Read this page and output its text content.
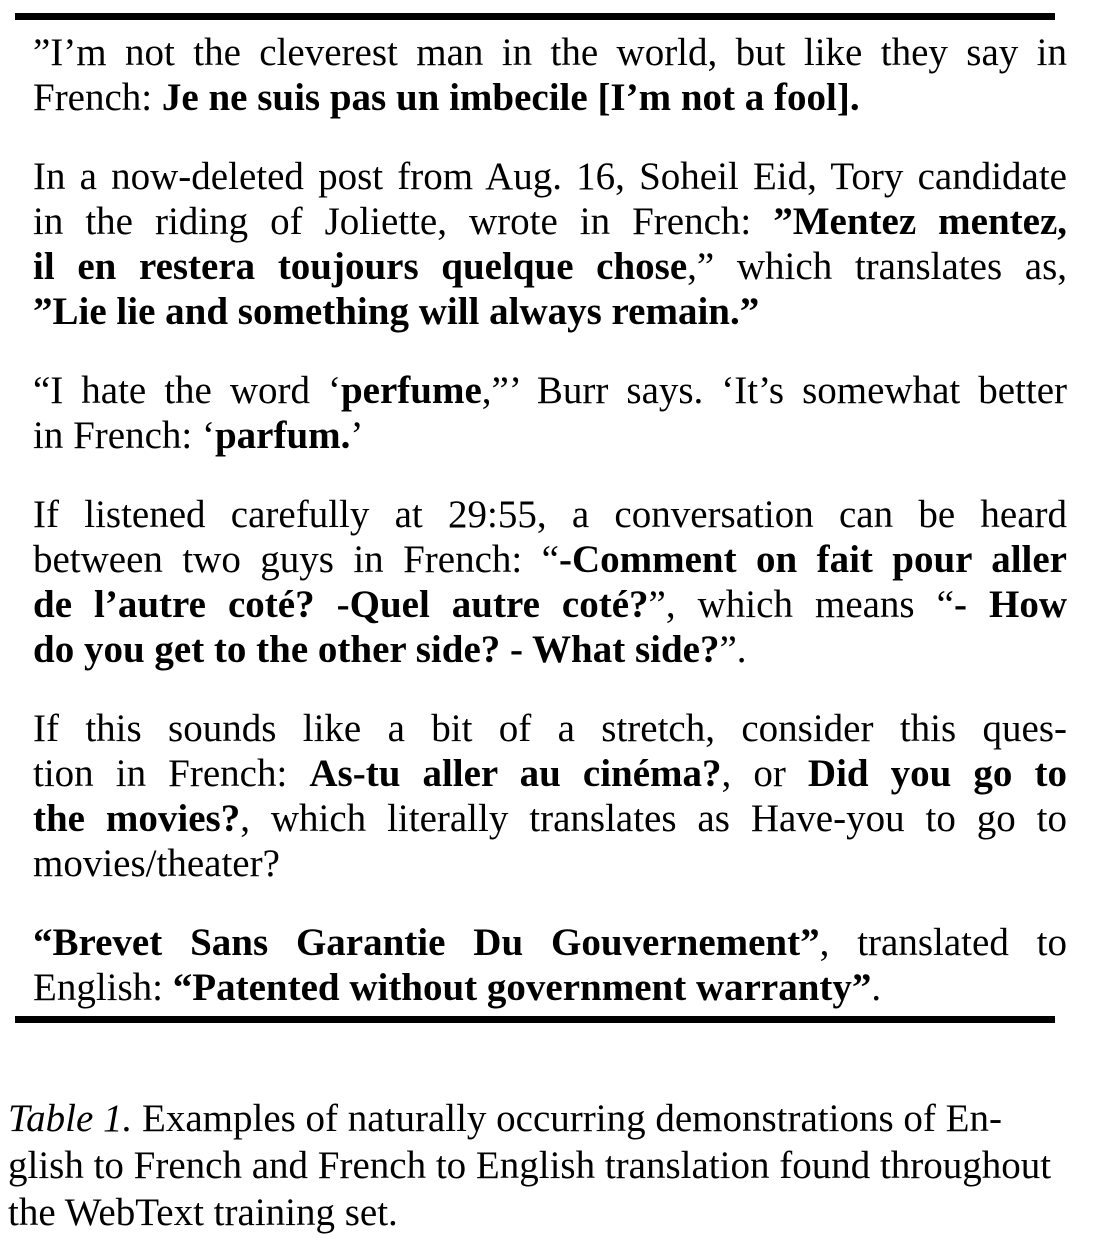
”I’m not the cleverest man in the world, but like they say in
French: Je ne suis pas un imbecile [I’m not a fool].
In a now-deleted post from Aug. 16, Soheil Eid, Tory candidate
in the riding of Joliette, wrote in French: ”Mentez mentez,
il en restera toujours quelque chose,” which translates as,
”Lie lie and something will always remain.”
“I hate the word ‘perfume,”’ Burr says. ‘It’s somewhat better
in French: ‘parfum.’
If listened carefully at 29:55, a conversation can be heard
between two guys in French: “-Comment on fait pour aller
de l’autre coté? -Quel autre coté?”, which means “- How
do you get to the other side? - What side?”.
If this sounds like a bit of a stretch, consider this ques-
tion in French: As-tu aller au cinéma?, or Did you go to
the movies?, which literally translates as Have-you to go to
movies/theater?
“Brevet Sans Garantie Du Gouvernement”, translated to
English: “Patented without government warranty”.
Table 1. Examples of naturally occurring demonstrations of En-
glish to French and French to English translation found throughout
the WebText training set.
